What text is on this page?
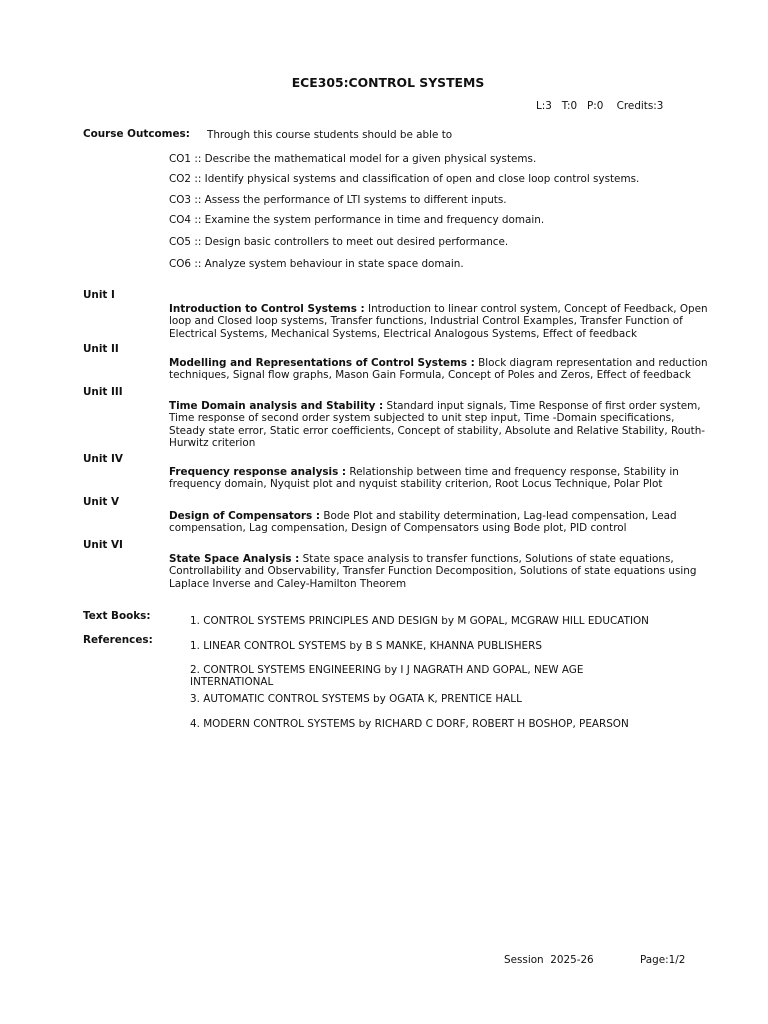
ECE305:CONTROL SYSTEMS
L:3   T:0   P:0    Credits:3
Course Outcomes: Through this course students should be able to
CO1 :: Describe the mathematical model for a given physical systems.
CO2 :: Identify physical systems and classification of open and close loop control systems.
CO3 :: Assess the performance of LTI systems to different inputs.
CO4 :: Examine the system performance in time and frequency domain.
CO5 :: Design basic controllers to meet out desired performance.
CO6 :: Analyze system behaviour in state space domain.
Unit I
Introduction to Control Systems : Introduction to linear control system, Concept of Feedback, Open loop and Closed loop systems, Transfer functions, Industrial Control Examples, Transfer Function of Electrical Systems, Mechanical Systems, Electrical Analogous Systems, Effect of feedback
Unit II
Modelling and Representations of Control Systems : Block diagram representation and reduction techniques, Signal flow graphs, Mason Gain Formula, Concept of Poles and Zeros, Effect of feedback
Unit III
Time Domain analysis and Stability : Standard input signals, Time Response of first order system, Time response of second order system subjected to unit step input, Time -Domain specifications, Steady state error, Static error coefficients, Concept of stability, Absolute and Relative Stability, Routh-Hurwitz criterion
Unit IV
Frequency response analysis : Relationship between time and frequency response, Stability in frequency domain, Nyquist plot and nyquist stability criterion, Root Locus Technique, Polar Plot
Unit V
Design of Compensators : Bode Plot and stability determination, Lag-lead compensation, Lead compensation, Lag compensation, Design of Compensators using Bode plot, PID control
Unit VI
State Space Analysis : State space analysis to transfer functions, Solutions of state equations, Controllability and Observability, Transfer Function Decomposition, Solutions of state equations using Laplace Inverse and Caley-Hamilton Theorem
Text Books:	1. CONTROL SYSTEMS PRINCIPLES AND DESIGN by M GOPAL, MCGRAW HILL EDUCATION
References:	1. LINEAR CONTROL SYSTEMS by B S MANKE, KHANNA PUBLISHERS
2. CONTROL SYSTEMS ENGINEERING by I J NAGRATH AND GOPAL, NEW AGE INTERNATIONAL
3. AUTOMATIC CONTROL SYSTEMS by OGATA K, PRENTICE HALL
4. MODERN CONTROL SYSTEMS by RICHARD C DORF, ROBERT H BOSHOP, PEARSON
Session  2025-26	Page:1/2
